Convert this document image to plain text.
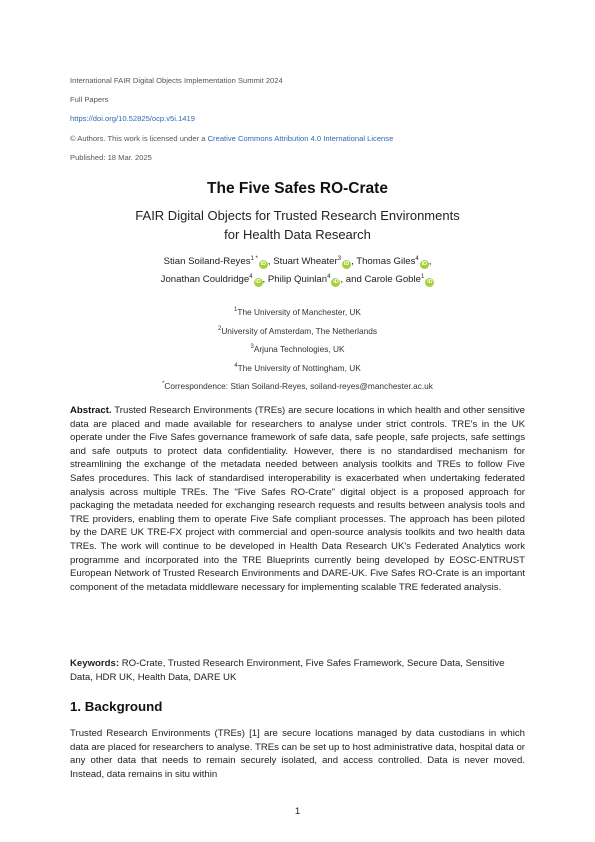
International FAIR Digital Objects Implementation Summit 2024
Full Papers
https://doi.org/10.52825/ocp.v5i.1419
© Authors. This work is licensed under a Creative Commons Attribution 4.0 International License
Published: 18 Mar. 2025
The Five Safes RO-Crate
FAIR Digital Objects for Trusted Research Environments
for Health Data Research
Stian Soiland-Reyes$^{1 *}$iD , Stuart Wheater$^3$iD , Thomas Giles$^4$iD ,
Jonathan Couldridge$^4$iD , Philip Quinlan$^4$iD , and Carole Goble$^1$iD
$^1$The University of Manchester, UK
$^2$University of Amsterdam, The Netherlands
$^3$Arjuna Technologies, UK
$^4$The University of Nottingham, UK
*Correspondence: Stian Soiland-Reyes, soiland-reyes@manchester.ac.uk
Abstract. Trusted Research Environments (TREs) are secure locations in which health and other sensitive data are placed and made available for researchers to analyse under strict controls. TRE's in the UK operate under the Five Safes governance framework of safe data, safe people, safe projects, safe settings and safe outputs to protect data confidentiality. However, there is no standardised mechanism for streamlining the exchange of the metadata needed between analysis toolkits and TREs to follow Five Safes procedures. This lack of standardised interoperability is exacerbated when undertaking federated analysis across multiple TREs. The "Five Safes RO-Crate" digital object is a proposed approach for packaging the metadata needed for exchanging research requests and results between analysis tools and TRE providers, enabling them to operate Five Safe compliant processes. The approach has been piloted by the DARE UK TRE-FX project with commercial and open-source analysis toolkits and two health data TREs. The work will continue to be developed in Health Data Research UK's Federated Analytics work programme and incorporated into the TRE Blueprints currently being developed by EOSC-ENTRUST European Network of Trusted Research Environments and DARE-UK. Five Safes RO-Crate is an important component of the metadata middleware necessary for implementing scalable TRE federated analysis.
Keywords: RO-Crate, Trusted Research Environment, Five Safes Framework, Secure Data, Sensitive Data, HDR UK, Health Data, DARE UK
1. Background
Trusted Research Environments (TREs) [1] are secure locations managed by data custodians in which data are placed for researchers to analyse. TREs can be set up to host administrative data, hospital data or any other data that needs to remain securely isolated, and access controlled. Data is never moved. Instead, data remains in situ within
1
